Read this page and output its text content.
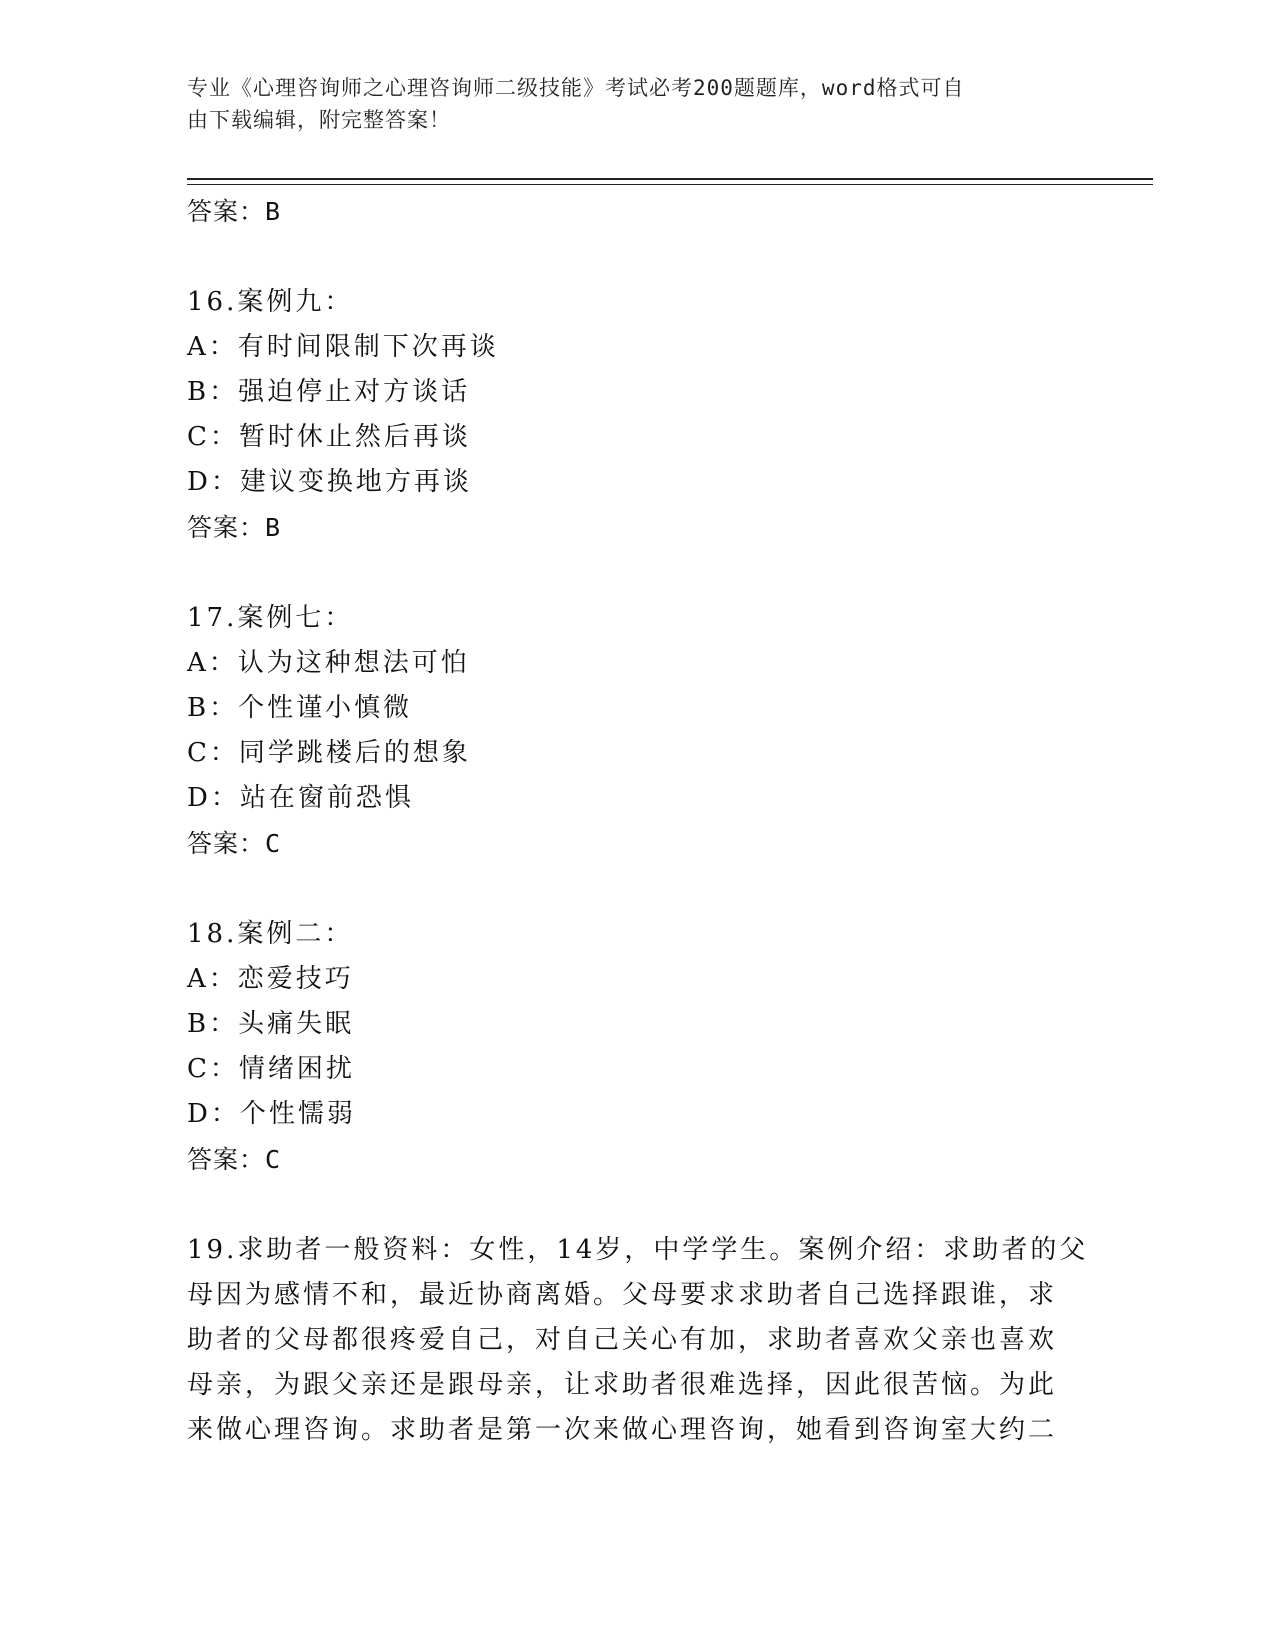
专业《心理咨询师之心理咨询师二级技能》考试必考200题题库，word格式可自
由下载编辑，附完整答案！
答案：B
16.案例九：
A：有时间限制下次再谈
B：强迫停止对方谈话
C：暂时休止然后再谈
D：建议变换地方再谈
答案：B
17.案例七：
A：认为这种想法可怕
B：个性谨小慎微
C：同学跳楼后的想象
D：站在窗前恐惧
答案：C
18.案例二：
A：恋爱技巧
B：头痛失眠
C：情绪困扰
D：个性懦弱
答案：C
19.求助者一般资料：女性，14岁，中学学生。案例介绍：求助者的父
母因为感情不和，最近协商离婚。父母要求求助者自己选择跟谁，求
助者的父母都很疼爱自己，对自己关心有加，求助者喜欢父亲也喜欢
母亲，为跟父亲还是跟母亲，让求助者很难选择，因此很苦恼。为此
来做心理咨询。求助者是第一次来做心理咨询，她看到咨询室大约二
